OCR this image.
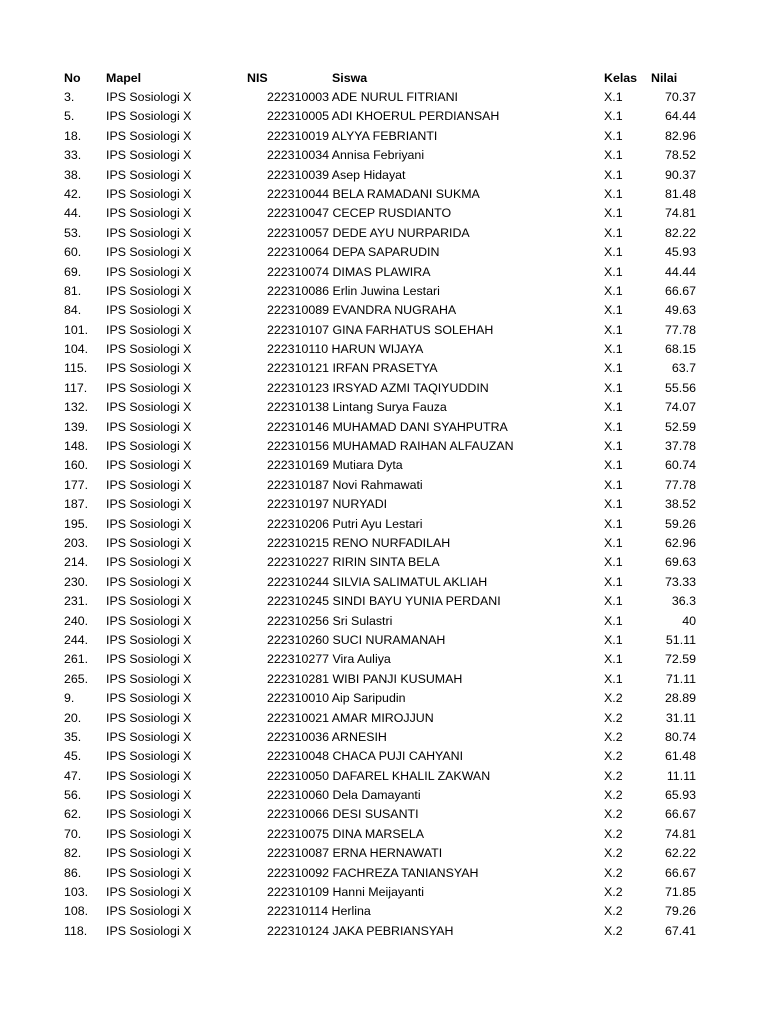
No Mapel	NIS	Siswa	Kelas Nilai
3.	IPS Sosiologi X	222310003 ADE NURUL FITRIANI	X.1	70.37
5.	IPS Sosiologi X	222310005 ADI KHOERUL PERDIANSAH	X.1	64.44
18. IPS Sosiologi X	222310019 ALYYA FEBRIANTI	X.1	82.96
33. IPS Sosiologi X	222310034 Annisa Febriyani	X.1	78.52
38. IPS Sosiologi X	222310039 Asep Hidayat	X.1	90.37
42. IPS Sosiologi X	222310044 BELA RAMADANI SUKMA	X.1	81.48
44. IPS Sosiologi X	222310047 CECEP RUSDIANTO	X.1	74.81
53. IPS Sosiologi X	222310057 DEDE AYU NURPARIDA	X.1	82.22
60. IPS Sosiologi X	222310064 DEPA SAPARUDIN	X.1	45.93
69. IPS Sosiologi X	222310074 DIMAS PLAWIRA	X.1	44.44
81. IPS Sosiologi X	222310086 Erlin Juwina Lestari	X.1	66.67
84. IPS Sosiologi X	222310089 EVANDRA NUGRAHA	X.1	49.63
101. IPS Sosiologi X	222310107 GINA FARHATUS SOLEHAH	X.1	77.78
104. IPS Sosiologi X	222310110 HARUN WIJAYA	X.1	68.15
115. IPS Sosiologi X	222310121 IRFAN PRASETYA	X.1	63.7
117. IPS Sosiologi X	222310123 IRSYAD AZMI TAQIYUDDIN	X.1	55.56
132. IPS Sosiologi X	222310138 Lintang Surya Fauza	X.1	74.07
139. IPS Sosiologi X	222310146 MUHAMAD DANI SYAHPUTRA	X.1	52.59
148. IPS Sosiologi X	222310156 MUHAMAD RAIHAN ALFAUZAN	X.1	37.78
160. IPS Sosiologi X	222310169 Mutiara Dyta	X.1	60.74
177. IPS Sosiologi X	222310187 Novi Rahmawati	X.1	77.78
187. IPS Sosiologi X	222310197 NURYADI	X.1	38.52
195. IPS Sosiologi X	222310206 Putri Ayu Lestari	X.1	59.26
203. IPS Sosiologi X	222310215 RENO NURFADILAH	X.1	62.96
214. IPS Sosiologi X	222310227 RIRIN SINTA BELA	X.1	69.63
230. IPS Sosiologi X	222310244 SILVIA SALIMATUL AKLIAH	X.1	73.33
231. IPS Sosiologi X	222310245 SINDI BAYU YUNIA PERDANI	X.1	36.3
240. IPS Sosiologi X	222310256 Sri Sulastri	X.1	40
244. IPS Sosiologi X	222310260 SUCI NURAMANAH	X.1	51.11
261. IPS Sosiologi X	222310277 Vira Auliya	X.1	72.59
265. IPS Sosiologi X	222310281 WIBI PANJI KUSUMAH	X.1	71.11
9.	IPS Sosiologi X	222310010 Aip Saripudin	X.2	28.89
20. IPS Sosiologi X	222310021 AMAR MIROJJUN	X.2	31.11
35. IPS Sosiologi X	222310036 ARNESIH	X.2	80.74
45. IPS Sosiologi X	222310048 CHACA PUJI CAHYANI	X.2	61.48
47. IPS Sosiologi X	222310050 DAFAREL KHALIL ZAKWAN	X.2	11.11
56. IPS Sosiologi X	222310060 Dela Damayanti	X.2	65.93
62. IPS Sosiologi X	222310066 DESI SUSANTI	X.2	66.67
70. IPS Sosiologi X	222310075 DINA MARSELA	X.2	74.81
82. IPS Sosiologi X	222310087 ERNA HERNAWATI	X.2	62.22
86. IPS Sosiologi X	222310092 FACHREZA TANIANSYAH	X.2	66.67
103. IPS Sosiologi X	222310109 Hanni Meijayanti	X.2	71.85
108. IPS Sosiologi X	222310114 Herlina	X.2	79.26
118. IPS Sosiologi X	222310124 JAKA PEBRIANSYAH	X.2	67.41
